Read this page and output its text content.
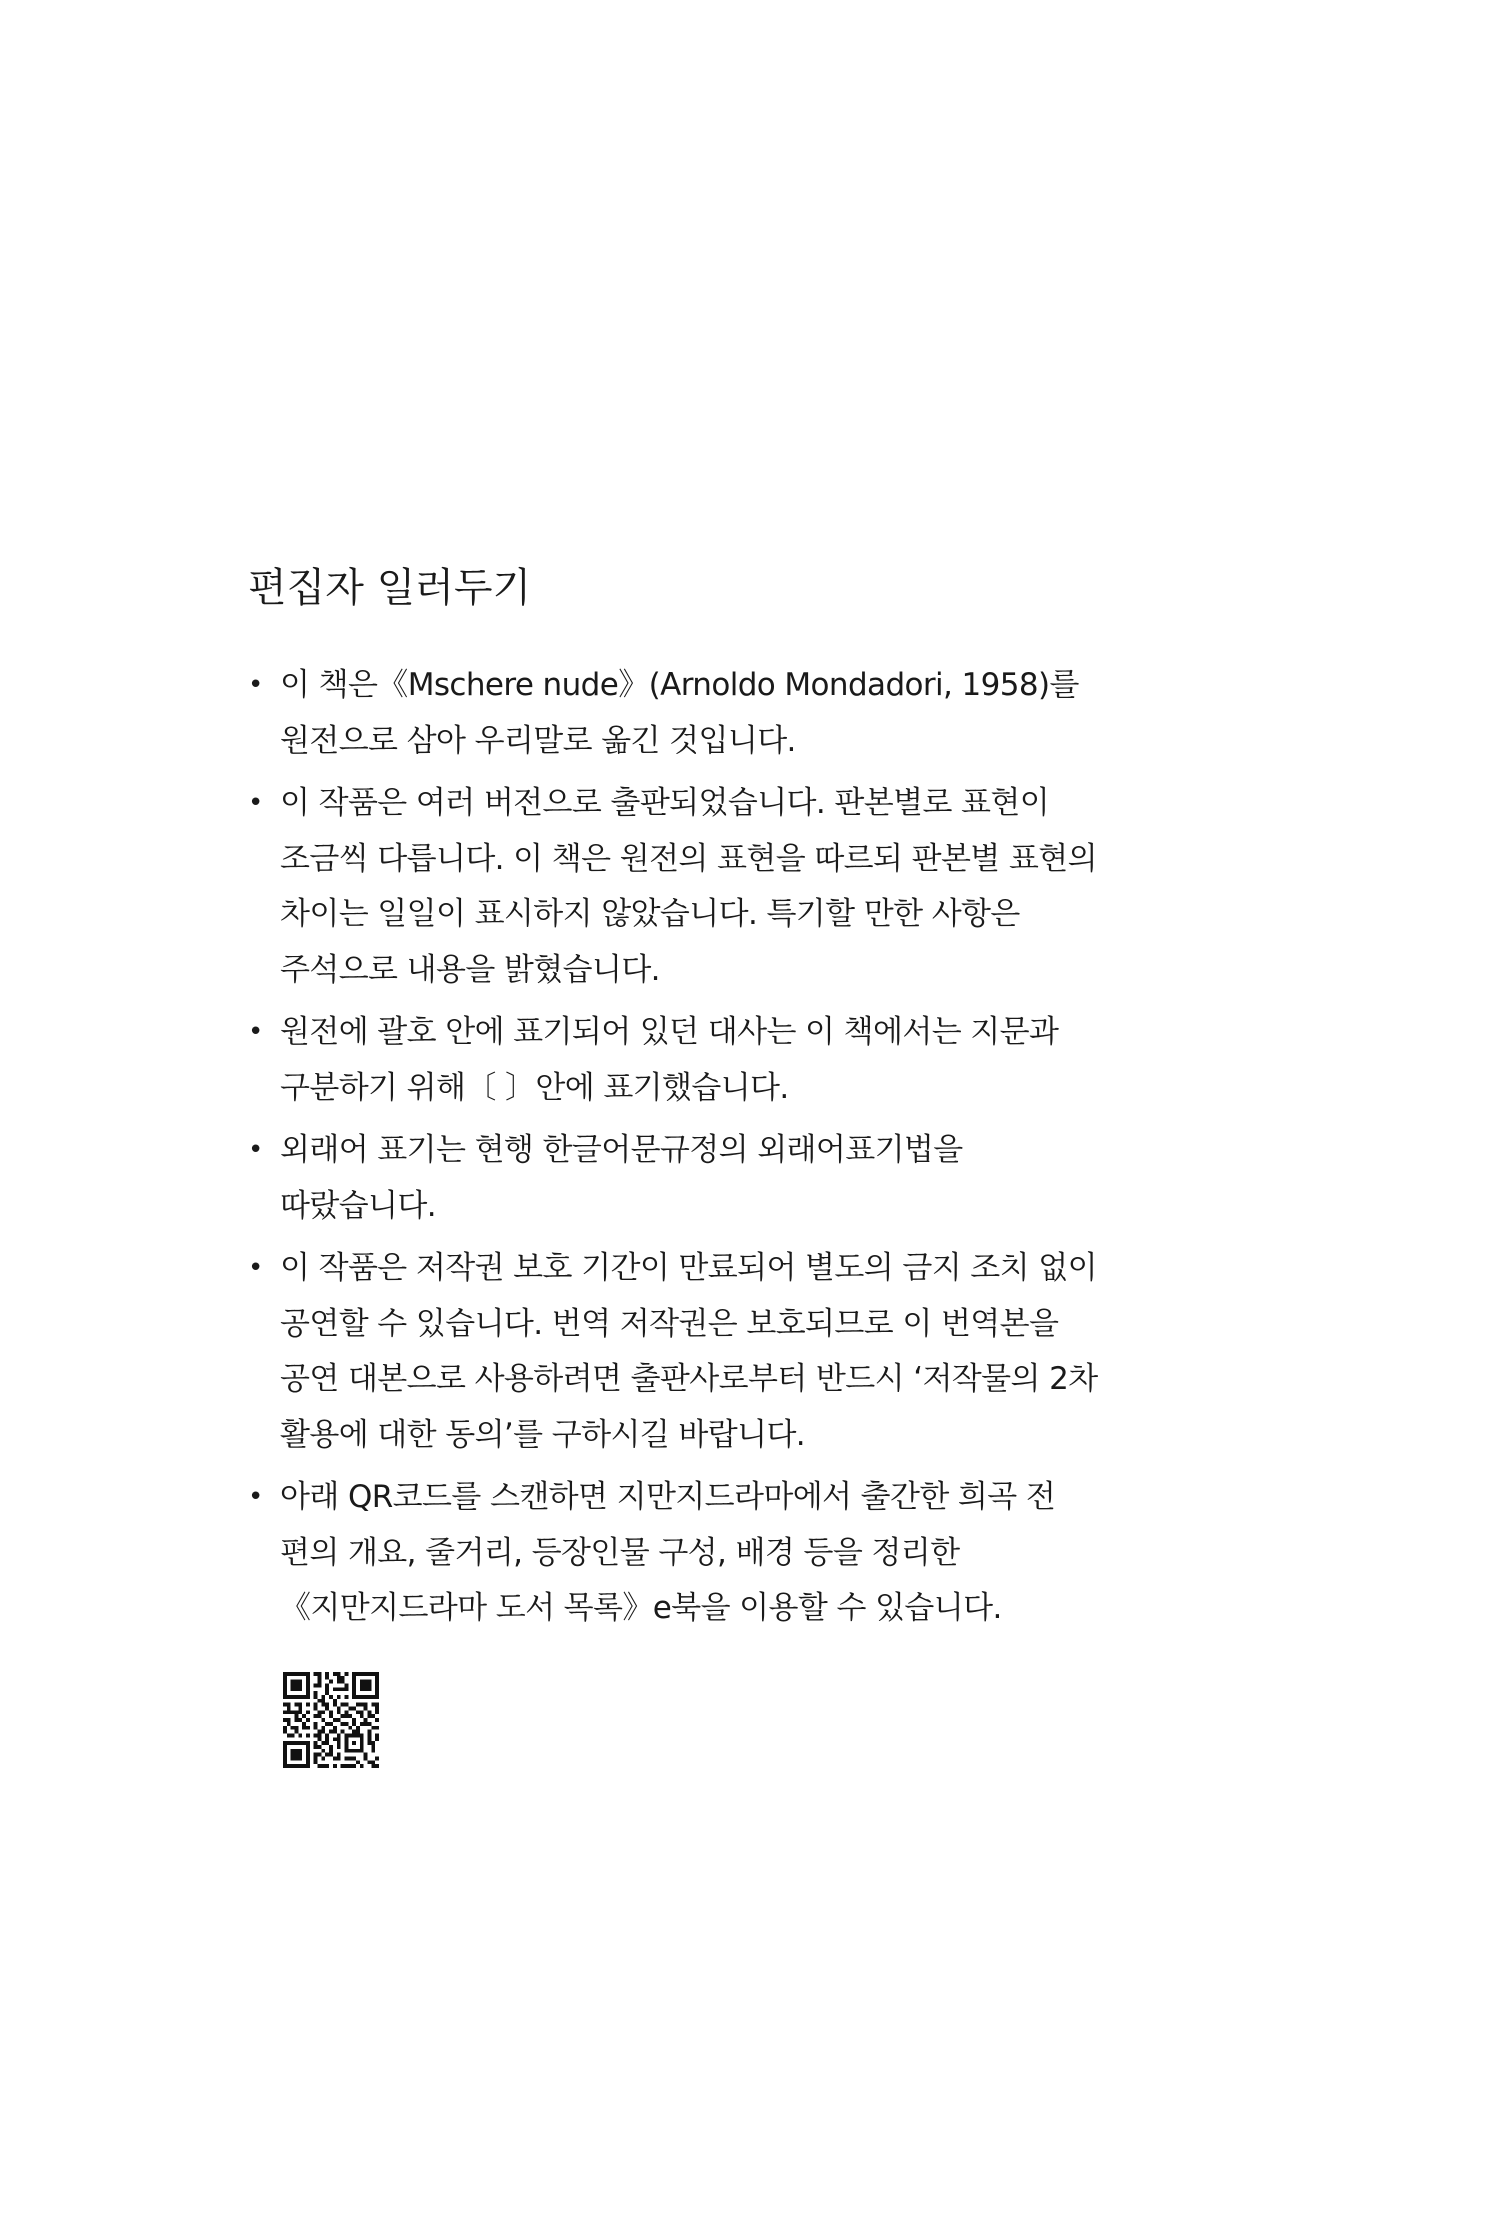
편집자 일러두기
• 이 책은《Mschere nude》(Arnoldo Mondadori, 1958)를
원전으로 삼아 우리말로 옮긴 것입니다.
• 이 작품은 여러 버전으로 출판되었습니다. 판본별로 표현이
조금씩 다릅니다. 이 책은 원전의 표현을 따르되 판본별 표현의
차이는 일일이 표시하지 않았습니다. 특기할 만한 사항은
주석으로 내용을 밝혔습니다.
• 원전에 괄호 안에 표기되어 있던 대사는 이 책에서는 지문과
구분하기 위해〔 〕안에 표기했습니다.
• 외래어 표기는 현행 한글어문규정의 외래어표기법을
따랐습니다.
• 이 작품은 저작권 보호 기간이 만료되어 별도의 금지 조치 없이
공연할 수 있습니다. 번역 저작권은 보호되므로 이 번역본을
공연 대본으로 사용하려면 출판사로부터 반드시 ‘저작물의 2차
활용에 대한 동의’를 구하시길 바랍니다.
• 아래 QR코드를 스캔하면 지만지드라마에서 출간한 희곡 전
편의 개요, 줄거리, 등장인물 구성, 배경 등을 정리한
《지만지드라마 도서 목록》e북을 이용할 수 있습니다.
